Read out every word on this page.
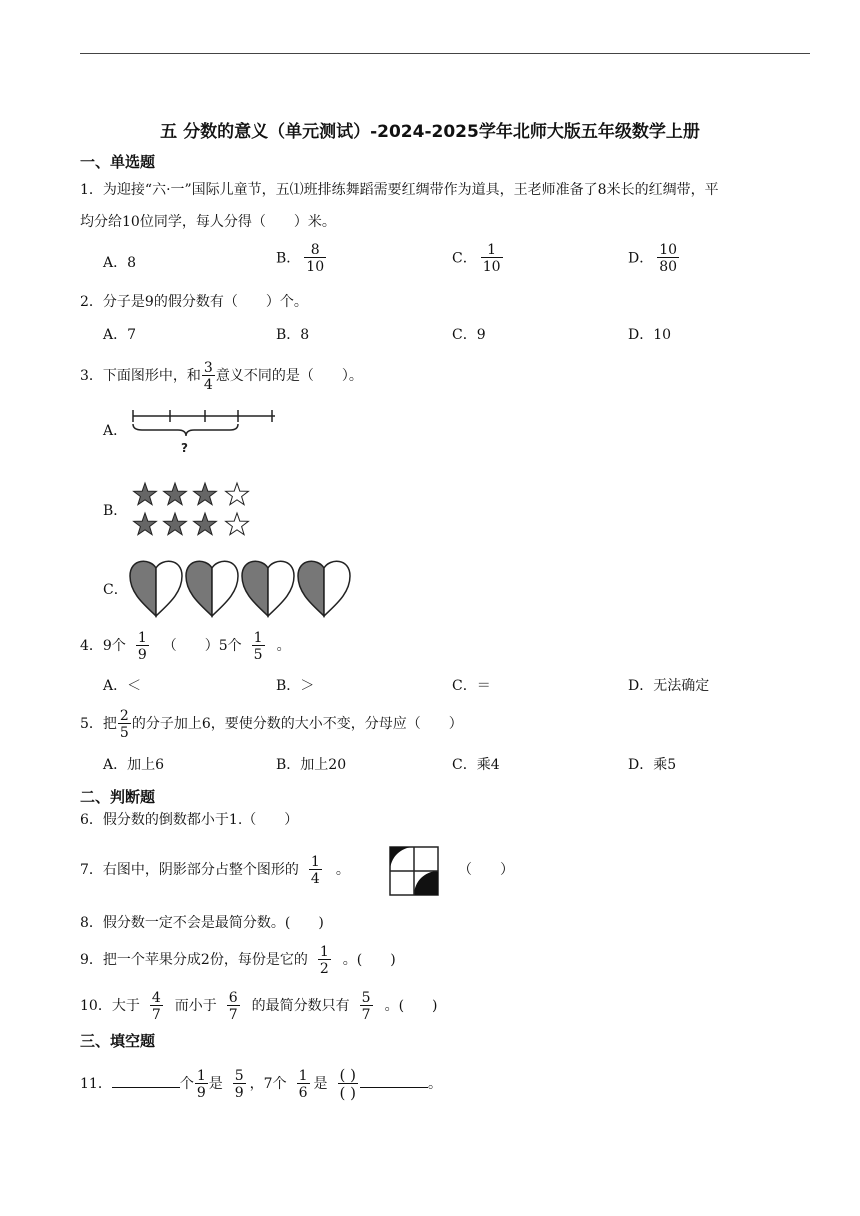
五 分数的意义（单元测试）-2024-2025学年北师大版五年级数学上册
一、单选题
1．为迎接“六·一”国际儿童节，五⑴班排练舞蹈需要红绸带作为道具，王老师准备了8米长的红绸带，平
均分给10位同学，每人分得（　　）米。
A．8	B． $\frac{8}{10}$	C． $\frac{1}{10}$	D． $\frac{10}{80}$
2．分子是9的假分数有（　　）个。
A．7	B．8	C．9	D．10
3．下面图形中，和 $\frac{3}{4}$ 意义不同的是（　　）。
A．
?
B．
C．
4．9个 $\frac{1}{9}$ （　　）5个 $\frac{1}{5}$ 。
A．＜	B．＞	C．＝	D．无法确定
5．把 $\frac{2}{5}$ 的分子加上6，要使分数的大小不变，分母应（　　）
A．加上6	B．加上20	C．乘4	D．乘5
二、判断题
6．假分数的倒数都小于1.（　　）
7．右图中，阴影部分占整个图形的 $\frac{1}{4}$ 。	（　　）
8．假分数一定不会是最简分数。(　　)
9．把一个苹果分成2份，每份是它的 $\frac{1}{2}$ 。(　　)
10．大于 $\frac{4}{7}$ 而小于 $\frac{6}{7}$ 的最简分数只有 $\frac{5}{7}$ 。(　　)
三、填空题
11．	个 $\frac{1}{9}$ 是 $\frac{5}{9}$ ，7个 $\frac{1}{6}$ 是 $\frac{( )}{( )}$	。
